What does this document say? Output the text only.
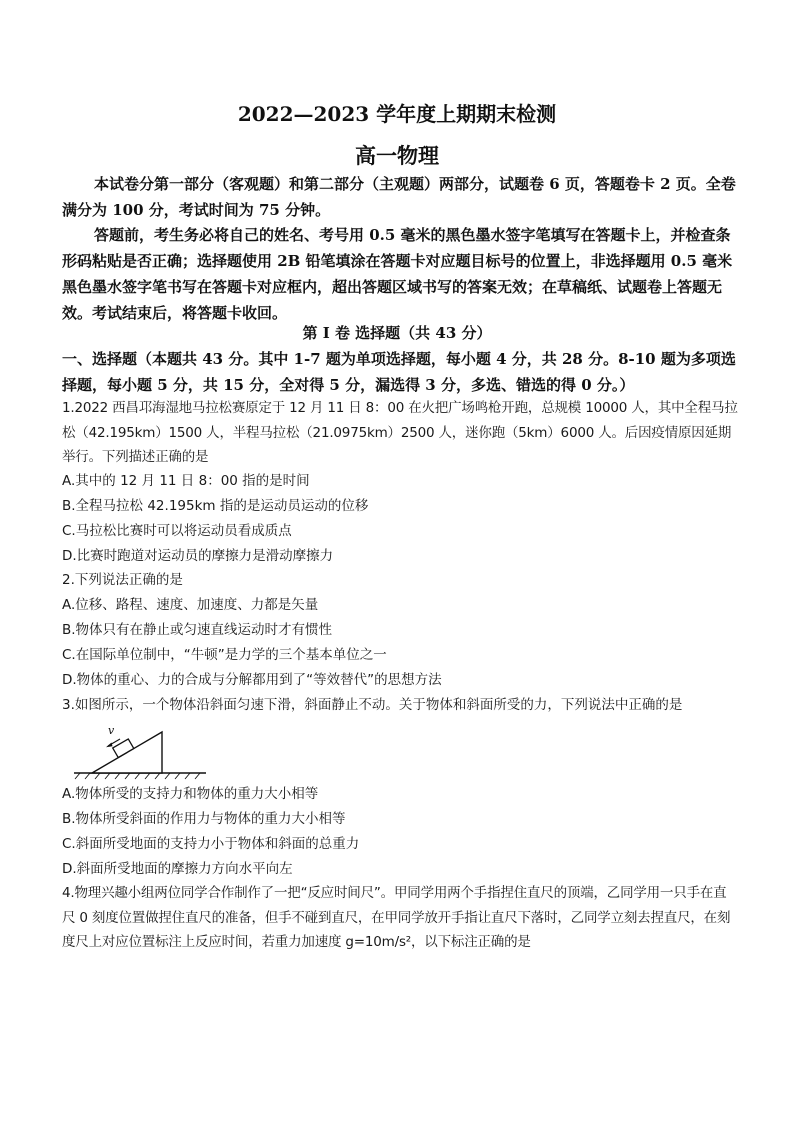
2022—2023 学年度上期期末检测
高一物理
本试卷分第一部分（客观题）和第二部分（主观题）两部分，试题卷 6 页，答题卷卡 2 页。全卷满分为 100 分，考试时间为 75 分钟。
答题前，考生务必将自己的姓名、考号用 0.5 毫米的黑色墨水签字笔填写在答题卡上，并检查条形码粘贴是否正确；选择题使用 2B 铅笔填涂在答题卡对应题目标号的位置上，非选择题用 0.5 毫米黑色墨水签字笔书写在答题卡对应框内，超出答题区域书写的答案无效；在草稿纸、试题卷上答题无效。考试结束后，将答题卡收回。
第 I 卷 选择题（共 43 分）
一、选择题（本题共 43 分。其中 1-7 题为单项选择题，每小题 4 分，共 28 分。8-10 题为多项选择题，每小题 5 分，共 15 分，全对得 5 分，漏选得 3 分，多选、错选的得 0 分。）
1.2022 西昌邛海湿地马拉松赛原定于 12 月 11 日 8：00 在火把广场鸣枪开跑，总规模 10000 人，其中全程马拉松（42.195km）1500 人，半程马拉松（21.0975km）2500 人，迷你跑（5km）6000 人。后因疫情原因延期举行。下列描述正确的是
A.其中的 12 月 11 日 8：00 指的是时间
B.全程马拉松 42.195km 指的是运动员运动的位移
C.马拉松比赛时可以将运动员看成质点
D.比赛时跑道对运动员的摩擦力是滑动摩擦力
2.下列说法正确的是
A.位移、路程、速度、加速度、力都是矢量
B.物体只有在静止或匀速直线运动时才有惯性
C.在国际单位制中，“牛顿”是力学的三个基本单位之一
D.物体的重心、力的合成与分解都用到了“等效替代”的思想方法
3.如图所示，一个物体沿斜面匀速下滑，斜面静止不动。关于物体和斜面所受的力，下列说法中正确的是
v
A.物体所受的支持力和物体的重力大小相等
B.物体所受斜面的作用力与物体的重力大小相等
C.斜面所受地面的支持力小于物体和斜面的总重力
D.斜面所受地面的摩擦力方向水平向左
4.物理兴趣小组两位同学合作制作了一把“反应时间尺”。甲同学用两个手指捏住直尺的顶端，乙同学用一只手在直尺 0 刻度位置做捏住直尺的准备，但手不碰到直尺，在甲同学放开手指让直尺下落时，乙同学立刻去捏直尺，在刻度尺上对应位置标注上反应时间，若重力加速度 g=10m/s²，以下标注正确的是
